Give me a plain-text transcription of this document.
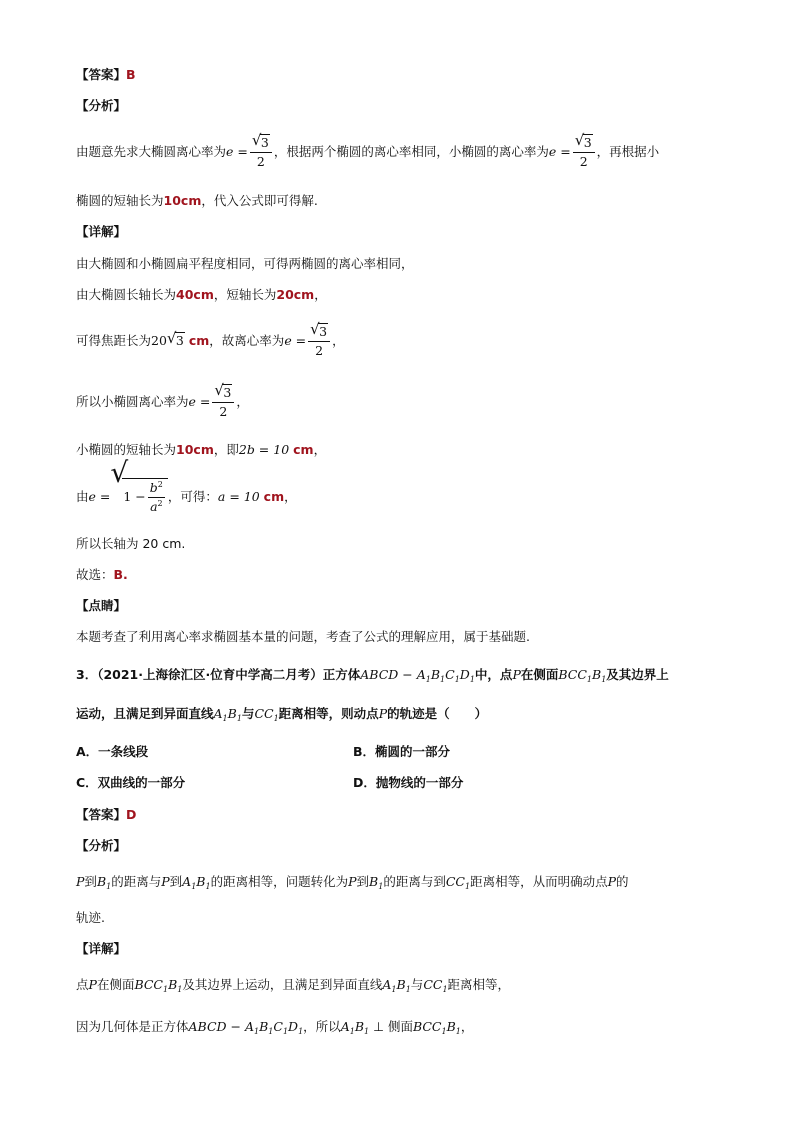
【答案】B
【分析】
由题意先求大椭圆离心率为$e = \frac{√ 3}{2}$ ，根据两个椭圆的离心率相同，小椭圆的离心率为$e = \frac{√ 3}{2}$ ，再根据小
椭圆的短轴长为10cm，代入公式即可得解.
【详解】
由大椭圆和小椭圆扁平程度相同，可得两椭圆的离心率相同，
由大椭圆长轴长为40cm，短轴长为20cm，
可得焦距长为20 √ 3 cm，故离心率为$e = \frac{√ 3}{2}$ ，
所以小椭圆离心率为$e = \frac{√ 3}{2}$ ，
小椭圆的短轴长为10cm，即2b = 10 cm，
由e =
√
$1 - \frac{b^2}{a^2}$ ，可得：a = 10 cm，
所以长轴为 20 cm.
故选：B.
【点睛】
本题考查了利用离心率求椭圆基本量的问题，考查了公式的理解应用，属于基础题.
3．（2021·上海徐汇区·位育中学高二月考）正方体ABCD − $A_1B_1C_1D_1$中，点P在侧面$BCC_1B_1$及其边界上
运动，且满足到异面直线$A_1B_1$与$CC_1$距离相等，则动点P的轨迹是（　　）
A．一条线段	B．椭圆的一部分
C．双曲线的一部分	D．抛物线的一部分
【答案】D
【分析】
P到$B_1$的距离与P到$A_1B_1$的距离相等，问题转化为P到$B_1$的距离与到$CC_1$距离相等，从而明确动点P的
轨迹.
【详解】
点P在侧面$BCC_1B_1$及其边界上运动，且满足到异面直线$A_1B_1$与$CC_1$距离相等，
因为几何体是正方体ABCD − $A_1B_1C_1D_1$，所以$A_1B_1$ ⊥ 侧面$BCC_1B_1$，
